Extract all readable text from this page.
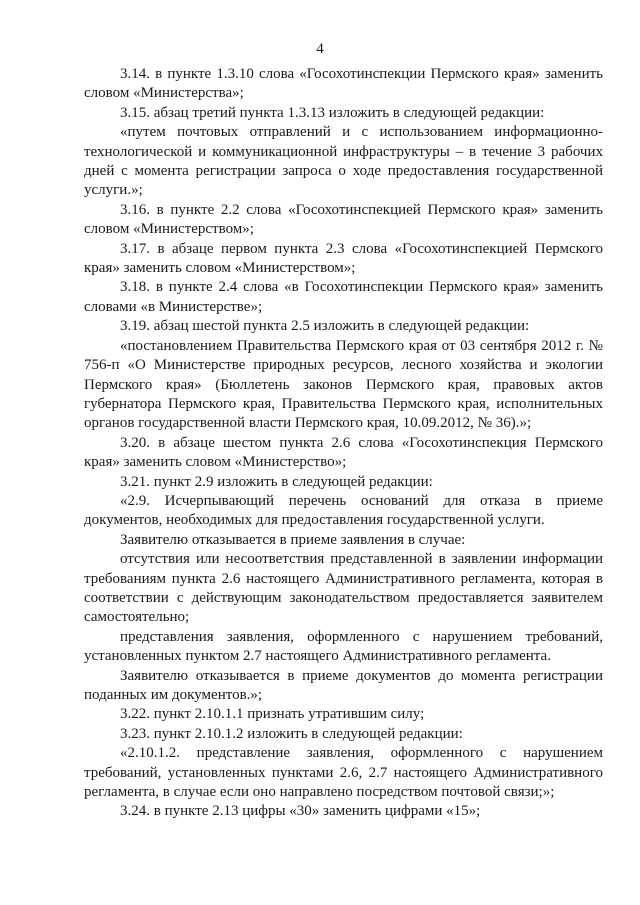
4

3.14. в пункте 1.3.10 слова «Госохотинспекции Пермского края» заменить словом «Министерства»;

3.15. абзац третий пункта 1.3.13 изложить в следующей редакции:

«путем почтовых отправлений и с использованием информационно-технологической и коммуникационной инфраструктуры – в течение 3 рабочих дней с момента регистрации запроса о ходе предоставления государственной услуги.»;

3.16. в пункте 2.2 слова «Госохотинспекцией Пермского края» заменить словом «Министерством»;

3.17. в абзаце первом пункта 2.3 слова «Госохотинспекцией Пермского края» заменить словом «Министерством»;

3.18. в пункте 2.4 слова «в Госохотинспекции Пермского края» заменить словами «в Министерстве»;

3.19. абзац шестой пункта 2.5 изложить в следующей редакции:

«постановлением Правительства Пермского края от 03 сентября 2012 г. № 756-п «О Министерстве природных ресурсов, лесного хозяйства и экологии Пермского края» (Бюллетень законов Пермского края, правовых актов губернатора Пермского края, Правительства Пермского края, исполнительных органов государственной власти Пермского края, 10.09.2012, № 36).»;

3.20. в абзаце шестом пункта 2.6 слова «Госохотинспекция Пермского края» заменить словом «Министерство»;

3.21. пункт 2.9 изложить в следующей редакции:

«2.9. Исчерпывающий перечень оснований для отказа в приеме документов, необходимых для предоставления государственной услуги.

Заявителю отказывается в приеме заявления в случае:

отсутствия или несоответствия представленной в заявлении информации требованиям пункта 2.6 настоящего Административного регламента, которая в соответствии с действующим законодательством предоставляется заявителем самостоятельно;

представления заявления, оформленного с нарушением требований, установленных пунктом 2.7 настоящего Административного регламента.

Заявителю отказывается в приеме документов до момента регистрации поданных им документов.»;

3.22. пункт 2.10.1.1 признать утратившим силу;

3.23. пункт 2.10.1.2 изложить в следующей редакции:

«2.10.1.2. представление заявления, оформленного с нарушением требований, установленных пунктами 2.6, 2.7 настоящего Административного регламента, в случае если оно направлено посредством почтовой связи;»;

3.24. в пункте 2.13 цифры «30» заменить цифрами «15»;
